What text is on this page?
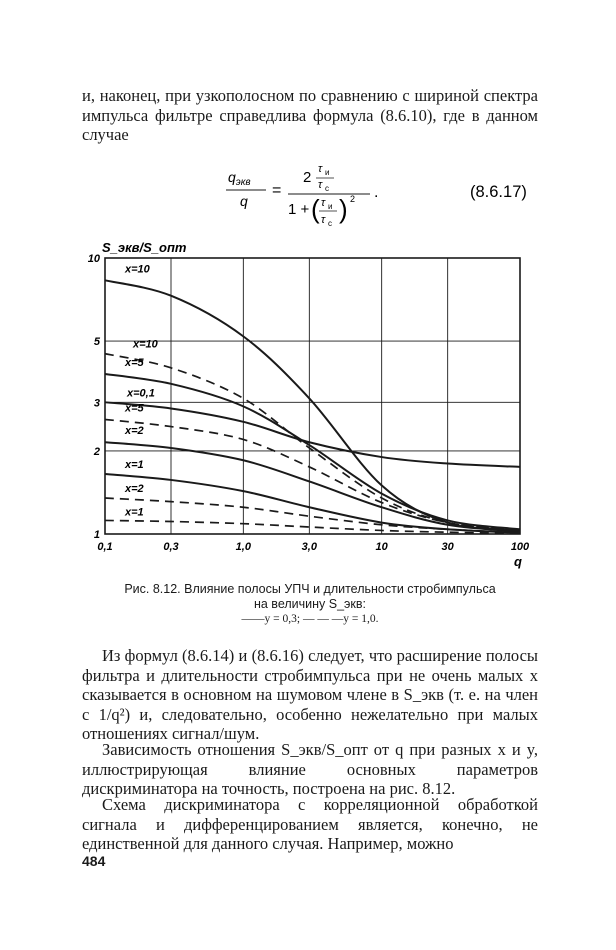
и, наконец, при узкополосном по сравнению с шириной спектра импульса фильтре справедлива формула (8.6.10), где в данном случае

$q_{экв}$
q
=
2 τ и
τ с
1 + ( τ и
τ с ) 2 .	(8.6.17)
0,1	0,3	1,0	3,0	10	30	100
1
2
3
5
10
x=10
x=10
x=5
x=0,1
x=5
x=2
x=1
x=2
x=1
S_экв/S_опт
q
Рис. 8.12. Влияние полосы УПЧ и длительности стробимпульса
на величину S_экв:
——y = 0,3; — — —y = 1,0.

Из формул (8.6.14) и (8.6.16) следует, что расширение полосы фильтра и длительности стробимпульса при не очень малых x сказывается в основном на шумовом члене в S_экв (т. е. на член с 1/q²) и, следовательно, особенно нежелательно при малых отношениях сигнал/шум.

Зависимость отношения S_экв/S_опт от q при разных x и y, иллюстрирующая влияние основных параметров дискриминатора на точность, построена на рис. 8.12.

Схема дискриминатора с корреляционной обработкой сигнала и дифференцированием является, конечно, не единственной для данного случая. Например, можно

484
